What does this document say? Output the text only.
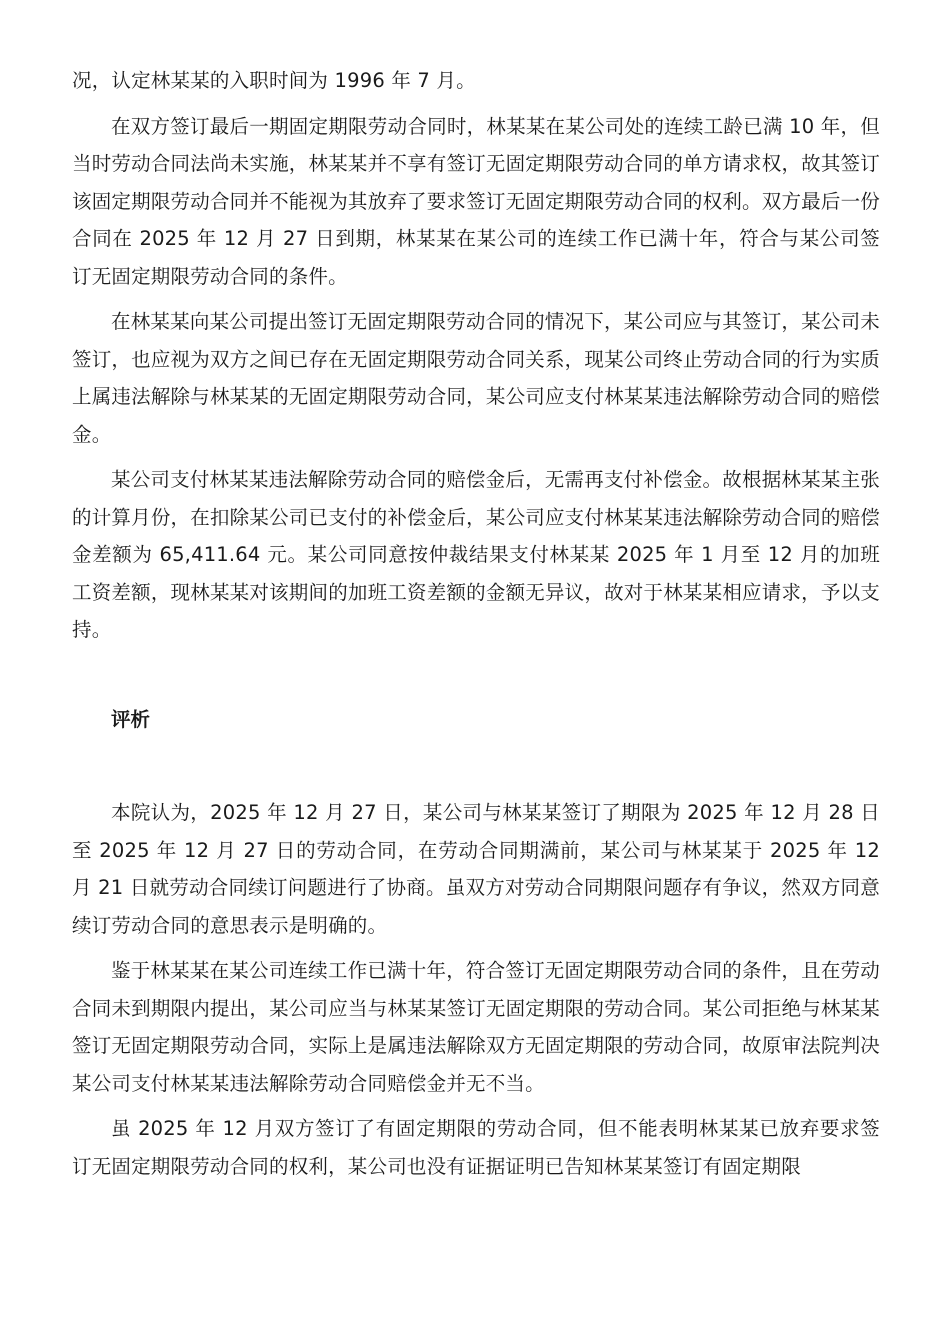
况，认定林某某的入职时间为 1996 年 7 月。

在双方签订最后一期固定期限劳动合同时，林某某在某公司处的连续工龄已满 10 年，但当时劳动合同法尚未实施，林某某并不享有签订无固定期限劳动合同的单方请求权，故其签订该固定期限劳动合同并不能视为其放弃了要求签订无固定期限劳动合同的权利。双方最后一份合同在 2025 年 12 月 27 日到期，林某某在某公司的连续工作已满十年，符合与某公司签订无固定期限劳动合同的条件。

在林某某向某公司提出签订无固定期限劳动合同的情况下，某公司应与其签订，某公司未签订，也应视为双方之间已存在无固定期限劳动合同关系，现某公司终止劳动合同的行为实质上属违法解除与林某某的无固定期限劳动合同，某公司应支付林某某违法解除劳动合同的赔偿金。

某公司支付林某某违法解除劳动合同的赔偿金后，无需再支付补偿金。故根据林某某主张的计算月份，在扣除某公司已支付的补偿金后，某公司应支付林某某违法解除劳动合同的赔偿金差额为 65,411.64 元。某公司同意按仲裁结果支付林某某 2025 年 1 月至 12 月的加班工资差额，现林某某对该期间的加班工资差额的金额无异议，故对于林某某相应请求，予以支持。

评析

本院认为，2025 年 12 月 27 日，某公司与林某某签订了期限为 2025 年 12 月 28 日至 2025 年 12 月 27 日的劳动合同，在劳动合同期满前，某公司与林某某于 2025 年 12 月 21 日就劳动合同续订问题进行了协商。虽双方对劳动合同期限问题存有争议，然双方同意续订劳动合同的意思表示是明确的。

鉴于林某某在某公司连续工作已满十年，符合签订无固定期限劳动合同的条件，且在劳动合同未到期限内提出，某公司应当与林某某签订无固定期限的劳动合同。某公司拒绝与林某某签订无固定期限劳动合同，实际上是属违法解除双方无固定期限的劳动合同，故原审法院判决某公司支付林某某违法解除劳动合同赔偿金并无不当。

虽 2025 年 12 月双方签订了有固定期限的劳动合同，但不能表明林某某已放弃要求签订无固定期限劳动合同的权利，某公司也没有证据证明已告知林某某签订有固定期限
